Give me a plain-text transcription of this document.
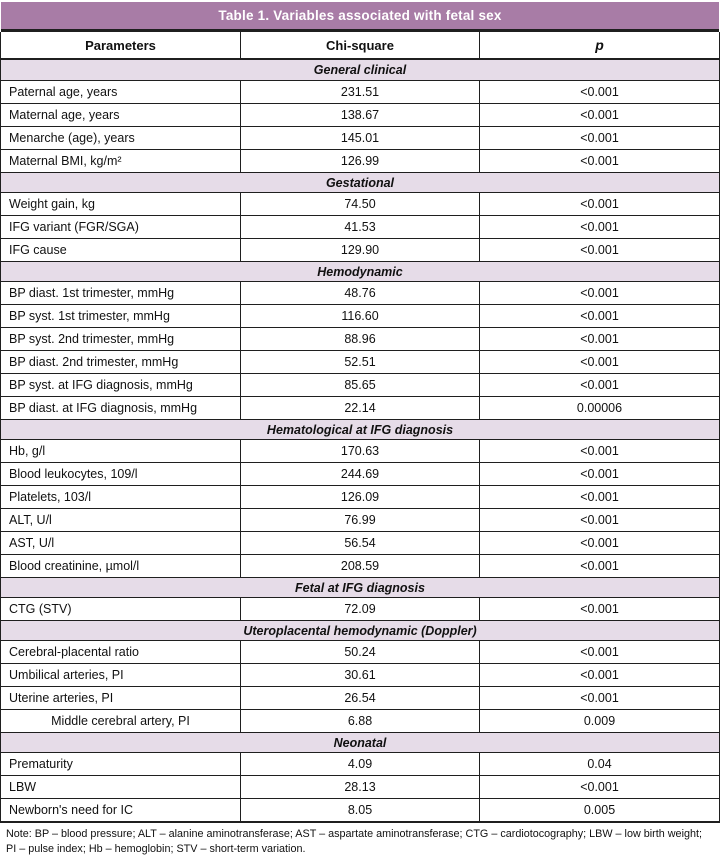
Table 1. Variables associated with fetal sex
Parameters	Chi-square	p
General clinical
Paternal age, years	231.51	<0.001
Maternal age, years	138.67	<0.001
Menarche (age), years	145.01	<0.001
Maternal BMI, kg/m²	126.99	<0.001
Gestational
Weight gain, kg	74.50	<0.001
IFG variant (FGR/SGA)	41.53	<0.001
IFG cause	129.90	<0.001
Hemodynamic
BP diast. 1st trimester, mmHg	48.76	<0.001
BP syst. 1st trimester, mmHg	116.60	<0.001
BP syst. 2nd trimester, mmHg	88.96	<0.001
BP diast. 2nd trimester, mmHg	52.51	<0.001
BP syst. at IFG diagnosis, mmHg	85.65	<0.001
BP diast. at IFG diagnosis, mmHg	22.14	0.00006
Hematological at IFG diagnosis
Hb, g/l	170.63	<0.001
Blood leukocytes, 109/l	244.69	<0.001
Platelets, 103/l	126.09	<0.001
ALT, U/l	76.99	<0.001
AST, U/l	56.54	<0.001
Blood creatinine, µmol/l	208.59	<0.001
Fetal at IFG diagnosis
CTG (STV)	72.09	<0.001
Uteroplacental hemodynamic (Doppler)
Cerebral-placental ratio	50.24	<0.001
Umbilical arteries, PI	30.61	<0.001
Uterine arteries, PI	26.54	<0.001
Middle cerebral artery, PI	6.88	0.009
Neonatal
Prematurity	4.09	0.04
LBW	28.13	<0.001
Newborn's need for IC	8.05	0.005
Note: BP – blood pressure; ALT – alanine aminotransferase; AST – aspartate aminotransferase; CTG – cardiotocography; LBW – low birth weight; PI – pulse index; Hb – hemoglobin; STV – short-term variation.
